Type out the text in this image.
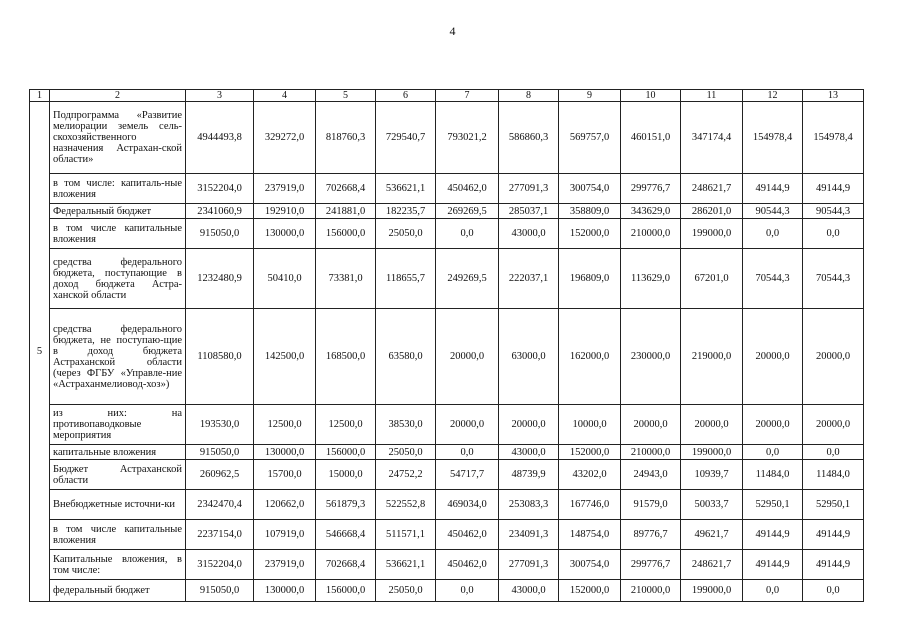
4
1	2	3	4	5	6	7	8	9	10	11	12	13
5	Подпрограмма «Развитие мелиорации земель сель-скохозяйственного назначения Астрахан-ской области»	4944493,8	329272,0	818760,3	729540,7	793021,2	586860,3	569757,0	460151,0	347174,4	154978,4	154978,4
	в том числе: капиталь-ные вложения	3152204,0	237919,0	702668,4	536621,1	450462,0	277091,3	300754,0	299776,7	248621,7	49144,9	49144,9
	Федеральный бюджет	2341060,9	192910,0	241881,0	182235,7	269269,5	285037,1	358809,0	343629,0	286201,0	90544,3	90544,3
	в том числе капитальные вложения	915050,0	130000,0	156000,0	25050,0	0,0	43000,0	152000,0	210000,0	199000,0	0,0	0,0
	средства федерального бюджета, поступающие в доход бюджета Астра-ханской области	1232480,9	50410,0	73381,0	118655,7	249269,5	222037,1	196809,0	113629,0	67201,0	70544,3	70544,3
	средства федерального бюджета, не поступаю-щие в доход бюджета Астраханской области (через ФГБУ «Управле-ние «Астраханмелиовод-хоз»)	1108580,0	142500,0	168500,0	63580,0	20000,0	63000,0	162000,0	230000,0	219000,0	20000,0	20000,0
	из них: на противопаводковые мероприятия	193530,0	12500,0	12500,0	38530,0	20000,0	20000,0	10000,0	20000,0	20000,0	20000,0	20000,0
	капитальные вложения	915050,0	130000,0	156000,0	25050,0	0,0	43000,0	152000,0	210000,0	199000,0	0,0	0,0
	Бюджет Астраханской области	260962,5	15700,0	15000,0	24752,2	54717,7	48739,9	43202,0	24943,0	10939,7	11484,0	11484,0
	Внебюджетные источни-ки	2342470,4	120662,0	561879,3	522552,8	469034,0	253083,3	167746,0	91579,0	50033,7	52950,1	52950,1
	в том числе капитальные вложения	2237154,0	107919,0	546668,4	511571,1	450462,0	234091,3	148754,0	89776,7	49621,7	49144,9	49144,9
	Капитальные вложения, в том числе:	3152204,0	237919,0	702668,4	536621,1	450462,0	277091,3	300754,0	299776,7	248621,7	49144,9	49144,9
	федеральный бюджет	915050,0	130000,0	156000,0	25050,0	0,0	43000,0	152000,0	210000,0	199000,0	0,0	0,0
